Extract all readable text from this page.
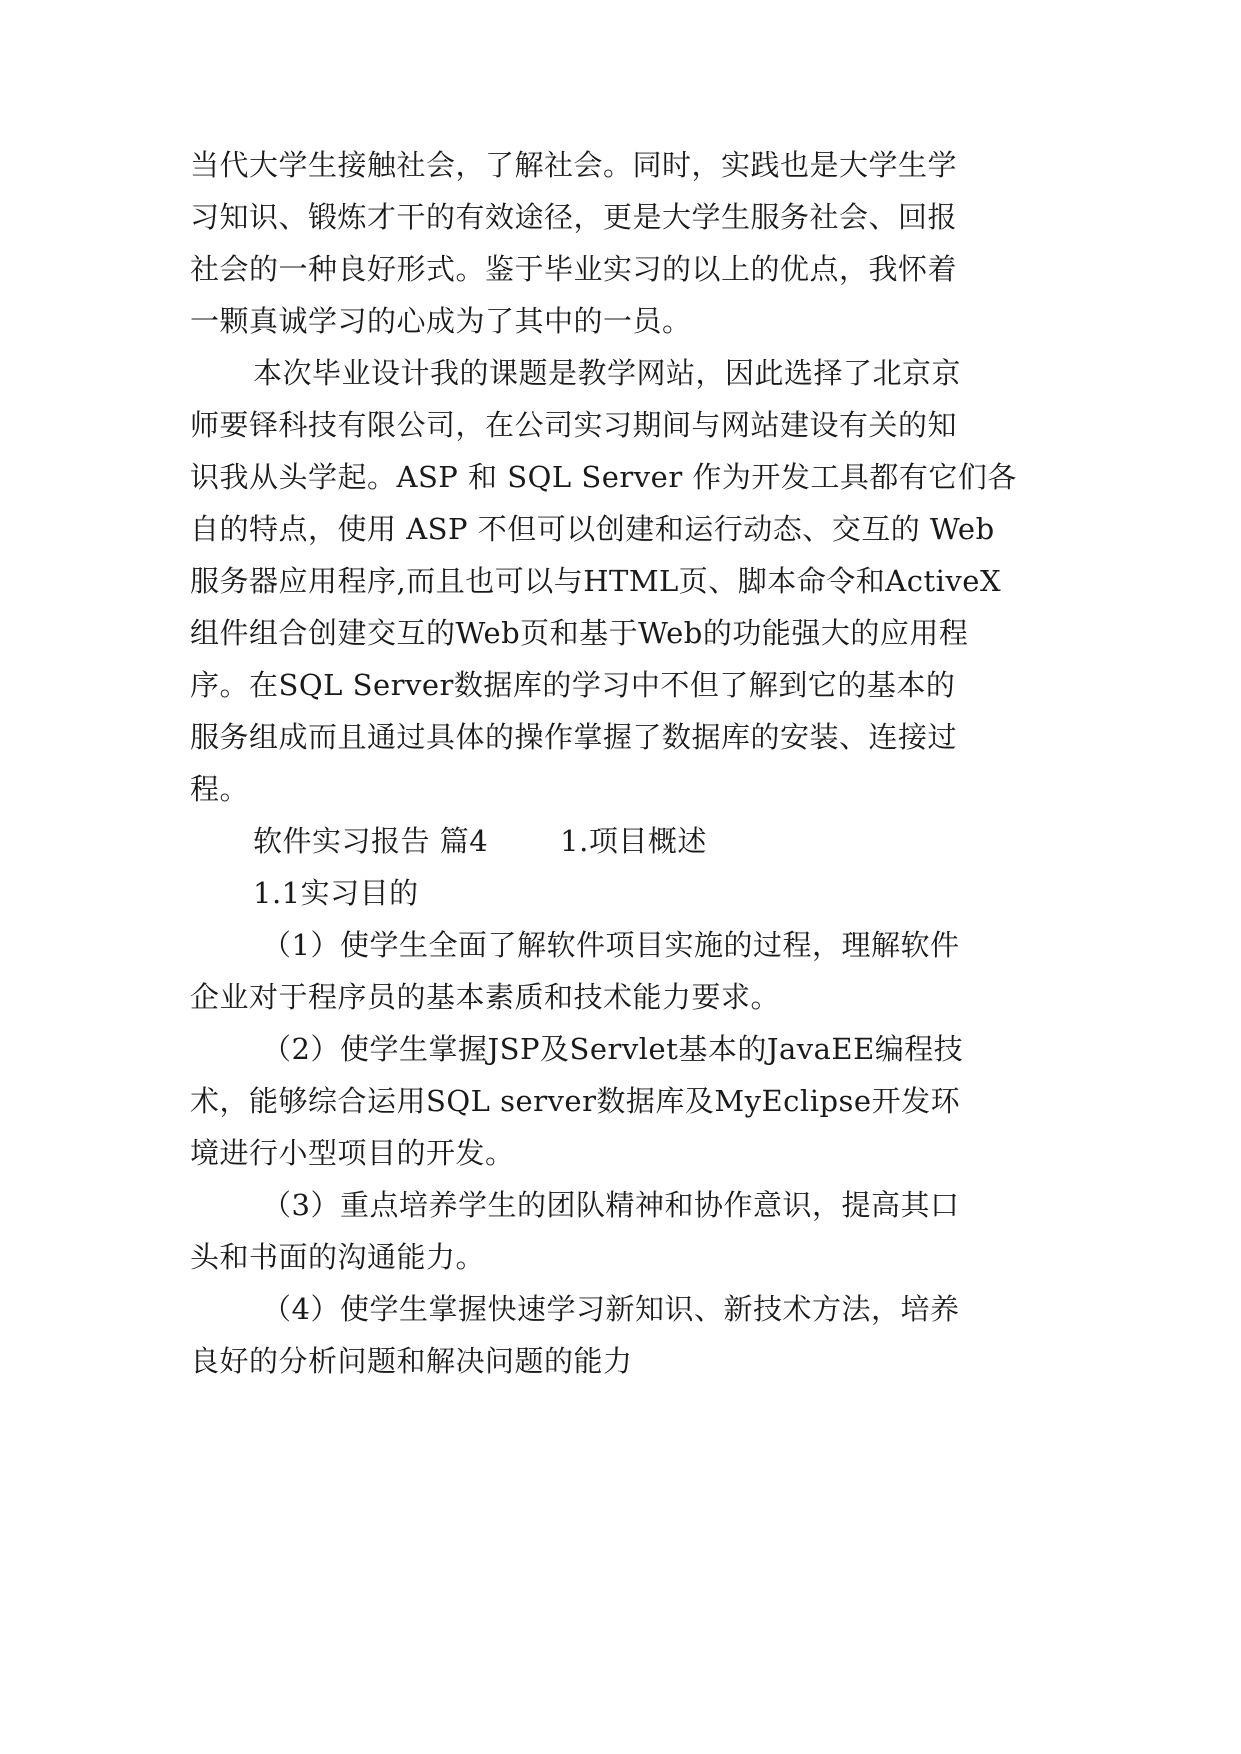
当代大学生接触社会，了解社会。同时，实践也是大学生学
习知识、锻炼才干的有效途径，更是大学生服务社会、回报
社会的一种良好形式。鉴于毕业实习的以上的优点，我怀着
一颗真诚学习的心成为了其中的一员。
本次毕业设计我的课题是教学网站，因此选择了北京京
师要铎科技有限公司，在公司实习期间与网站建设有关的知
识我从头学起。ASP 和 SQL Server 作为开发工具都有它们各
自的特点，使用 ASP 不但可以创建和运行动态、交互的 Web
服务器应用程序,而且也可以与HTML页、脚本命令和ActiveX
组件组合创建交互的Web页和基于Web的功能强大的应用程
序。在SQL Server数据库的学习中不但了解到它的基本的
服务组成而且通过具体的操作掌握了数据库的安装、连接过
程。
软件实习报告 篇4 1.项目概述
1.1实习目的
（1）使学生全面了解软件项目实施的过程，理解软件
企业对于程序员的基本素质和技术能力要求。
（2）使学生掌握JSP及Servlet基本的JavaEE编程技
术，能够综合运用SQL server数据库及MyEclipse开发环
境进行小型项目的开发。
（3）重点培养学生的团队精神和协作意识，提高其口
头和书面的沟通能力。
（4）使学生掌握快速学习新知识、新技术方法，培养
良好的分析问题和解决问题的能力
